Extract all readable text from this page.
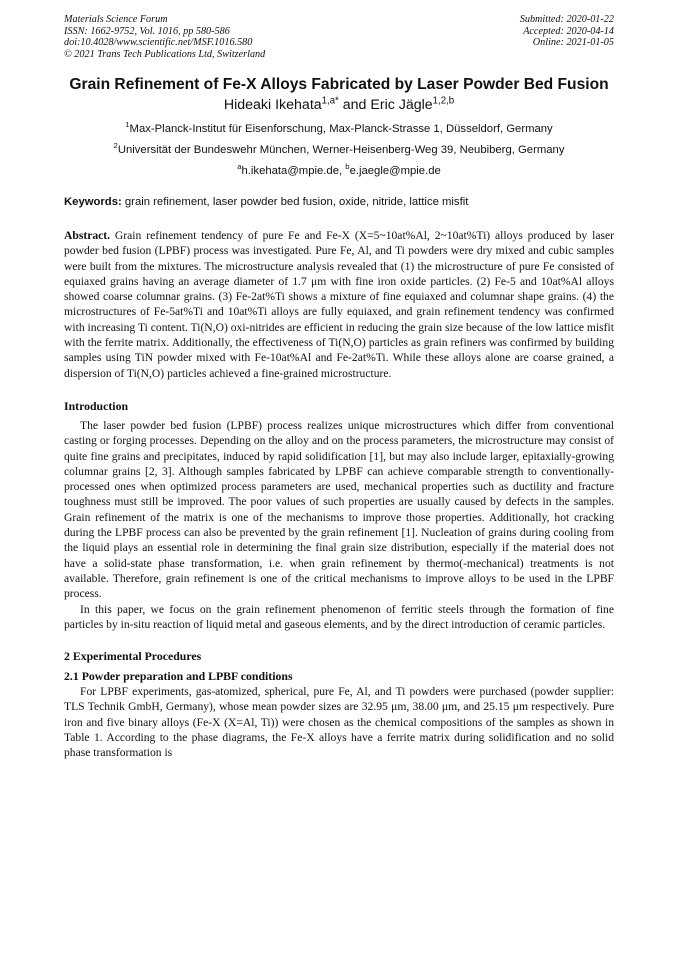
Materials Science Forum
ISSN: 1662-9752, Vol. 1016, pp 580-586
doi:10.4028/www.scientific.net/MSF.1016.580
© 2021 Trans Tech Publications Ltd, Switzerland
Submitted: 2020-01-22
Accepted: 2020-04-14
Online: 2021-01-05
Grain Refinement of Fe-X Alloys Fabricated by Laser Powder Bed Fusion
Hideaki Ikehata$^{1,a*}$ and Eric Jägle$^{1,2,b}$
$^1$Max-Planck-Institut für Eisenforschung, Max-Planck-Strasse 1, Düsseldorf, Germany
$^2$Universität der Bundeswehr München, Werner-Heisenberg-Weg 39, Neubiberg, Germany
$^a$h.ikehata@mpie.de, $^b$e.jaegle@mpie.de
Keywords: grain refinement, laser powder bed fusion, oxide, nitride, lattice misfit

Abstract. Grain refinement tendency of pure Fe and Fe-X (X=5~10at%Al, 2~10at%Ti) alloys produced by laser powder bed fusion (LPBF) process was investigated. Pure Fe, Al, and Ti powders were dry mixed and cubic samples were built from the mixtures. The microstructure analysis revealed that (1) the microstructure of pure Fe consisted of equiaxed grains having an average diameter of 1.7 μm with fine iron oxide particles. (2) Fe-5 and 10at%Al alloys showed coarse columnar grains. (3) Fe-2at%Ti shows a mixture of fine equiaxed and columnar shape grains. (4) the microstructures of Fe-5at%Ti and 10at%Ti alloys are fully equiaxed, and grain refinement tendency was confirmed with increasing Ti content. Ti(N,O) oxi-nitrides are efficient in reducing the grain size because of the low lattice misfit with the ferrite matrix. Additionally, the effectiveness of Ti(N,O) particles as grain refiners was confirmed by building samples using TiN powder mixed with Fe-10at%Al and Fe-2at%Ti. While these alloys alone are coarse grained, a dispersion of Ti(N,O) particles achieved a fine-grained microstructure.

Introduction

The laser powder bed fusion (LPBF) process realizes unique microstructures which differ from conventional casting or forging processes. Depending on the alloy and on the process parameters, the microstructure may consist of quite fine grains and precipitates, induced by rapid solidification [1], but may also include larger, epitaxially-growing columnar grains [2, 3]. Although samples fabricated by LPBF can achieve comparable strength to conventionally-processed ones when optimized process parameters are used, mechanical properties such as ductility and fracture toughness must still be improved. The poor values of such properties are usually caused by defects in the samples. Grain refinement of the matrix is one of the mechanisms to improve those properties. Additionally, hot cracking during the LPBF process can also be prevented by the grain refinement [1]. Nucleation of grains during cooling from the liquid plays an essential role in determining the final grain size distribution, especially if the material does not have a solid-state phase transformation, i.e. when grain refinement by thermo(-mechanical) treatments is not available. Therefore, grain refinement is one of the critical mechanisms to improve alloys to be used in the LPBF process.

In this paper, we focus on the grain refinement phenomenon of ferritic steels through the formation of fine particles by in-situ reaction of liquid metal and gaseous elements, and by the direct introduction of ceramic particles.

2 Experimental Procedures
2.1 Powder preparation and LPBF conditions

For LPBF experiments, gas-atomized, spherical, pure Fe, Al, and Ti powders were purchased (powder supplier: TLS Technik GmbH, Germany), whose mean powder sizes are 32.95 μm, 38.00 μm, and 25.15 μm respectively. Pure iron and five binary alloys (Fe-X (X=Al, Ti)) were chosen as the chemical compositions of the samples as shown in Table 1. According to the phase diagrams, the Fe-X alloys have a ferrite matrix during solidification and no solid phase transformation is
